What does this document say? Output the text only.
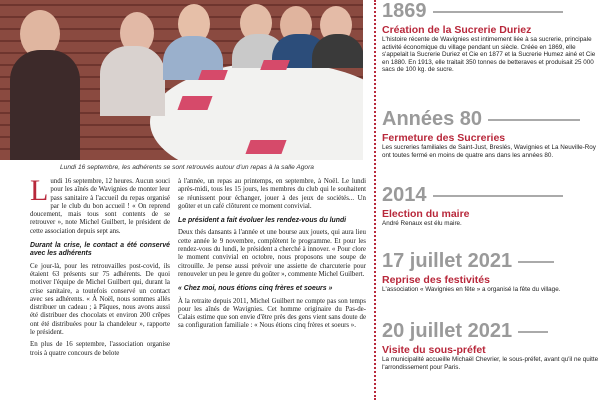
Lundi 16 septembre, les adhérents se sont retrouvés autour d'un repas à la salle Agora

Lundi 16 septembre, 12 heures. Aucun souci pour les aînés de Wavignies de monter leur pass sanitaire à l'accueil du repas organisé par le club du bon accueil ! « On reprend doucement, mais tous sont contents de se retrouver », note Michel Guilbert, le président de cette association depuis sept ans.

Durant la crise, le contact a été conservé avec les adhérents

Ce jour-là, pour les retrouvailles post-covid, ils étaient 63 présents sur 75 adhérents. De quoi motiver l'équipe de Michel Guilbert qui, durant la crise sanitaire, a toutefois conservé un contact avec ses adhérents. « À Noël, nous sommes allés distribuer un cadeau ; à Pâques, nous avons aussi été distribuer des chocolats et environ 200 crêpes ont été distribuées pour la chandeleur », rapporte le président.

En plus de 16 septembre, l'association organise trois à quatre concours de belote

à l'année, un repas au printemps, en septembre, à Noël. Le lundi après-midi, tous les 15 jours, les membres du club qui le souhaitent se réunissent pour échanger, jouer à des jeux de sociétés... Un goûter et un café clôturent ce moment convivial.

Le président a fait évoluer les rendez-vous du lundi

Deux thés dansants à l'année et une bourse aux jouets, qui aura lieu cette année le 9 novembre, complètent le programme. Et pour les rendez-vous du lundi, le président a cherché à innover. « Pour clore le moment convivial en octobre, nous proposons une soupe de citrouille. Je pense aussi prévoir une assiette de charcuterie pour renouveler un peu le genre du goûter », commente Michel Guilbert.

« Chez moi, nous étions cinq frères et soeurs »

À la retraite depuis 2011, Michel Guilbert ne compte pas son temps pour les aînés de Wavignies. Cet homme originaire du Pas-de-Calais estime que son envie d'être près des gens vient sans doute de sa configuration familiale : « Nous étions cinq frères et soeurs ».

1869
Création de la Sucrerie Duriez
L'histoire récente de Wavignies est intimement liée à sa sucrerie, principale activité économique du village pendant un siècle. Créée en 1869, elle s'appelait la Sucrerie Duriez et Cie en 1877 et la Sucrerie Humez ainé et Cie en 1880. En 1913, elle traitait 350 tonnes de betteraves et produisait 25 000 sacs de 100 kg. de sucre.
Années 80
Fermeture des Sucreries
Les sucreries familiales de Saint-Just, Breslés, Wavignies et La Neuville-Roy ont toutes fermé en moins de quatre ans dans les années 80.
2014
Election du maire
André Renaux est élu maire.
17 juillet 2021
Reprise des festivités
L'association « Wavignies en fête » a organisé la fête du village.
20 juillet 2021
Visite du sous-préfet
La municipalité accueille Michaël Chevrier, le sous-préfet, avant qu'il ne quitte l'arrondissement pour Paris.
